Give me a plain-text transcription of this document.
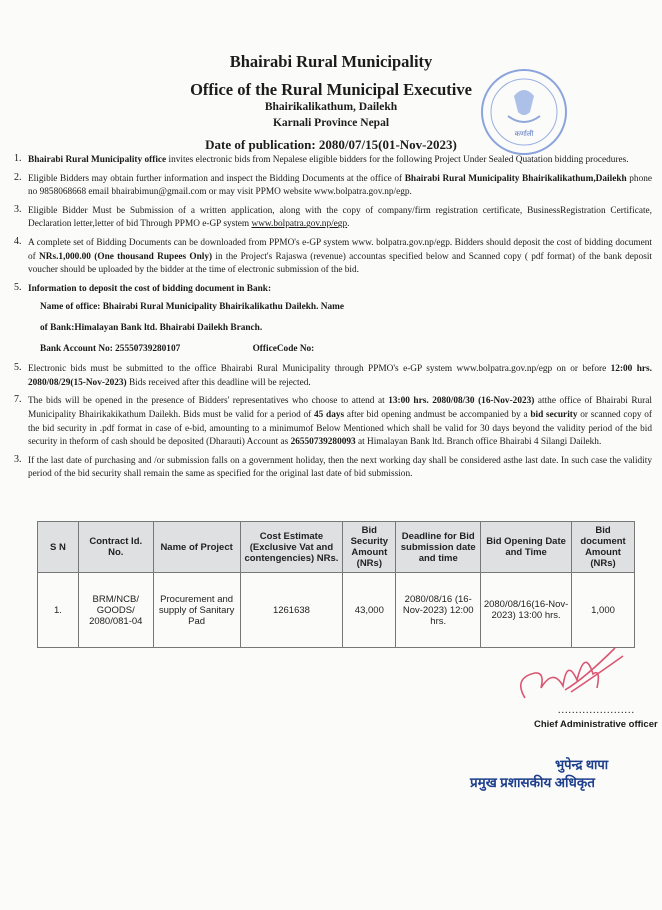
Bhairabi Rural Municipality
Office of the Rural Municipal Executive
Bhairikalikathum, Dailekh
Karnali Province Nepal
Date of publication: 2080/07/15(01-Nov-2023)
कर्णाली
1. Bhairabi Rural Municipality office invites electronic bids from Nepalese eligible bidders for the following Project Under Sealed Quatation bidding procedures.
2. Eligible Bidders may obtain further information and inspect the Bidding Documents at the office of Bhairabi Rural Municipality Bhairikalikathum,Dailekh phone no 9858068668 email bhairabimun@gmail.com or may visit PPMO website www.bolpatra.gov.np/egp.
3. Eligible Bidder Must be Submission of a written application, along with the copy of company/firm registration certificate, BusinessRegistration Certificate, Declaration letter,letter of bid Through PPMO e-GP system www.bolpatra.gov.np/egp.
4. A complete set of Bidding Documents can be downloaded from PPMO's e-GP system www. bolpatra.gov.np/egp. Bidders should deposit the cost of bidding document of NRs.1,000.00 (One thousand Rupees Only) in the Project's Rajaswa (revenue) accountas specified below and Scanned copy ( pdf format) of the bank deposit voucher should be uploaded by the bidder at the time of electronic submission of the bid.
5. Information to deposit the cost of bidding document in Bank:
Name of office: Bhairabi Rural Municipality Bhairikalikathu Dailekh. Name
of Bank:Himalayan Bank ltd. Bhairabi Dailekh Branch.
Bank Account No: 25550739280107	OfficeCode No:
5. Electronic bids must be submitted to the office Bhairabi Rural Municipality through PPMO's e-GP system www.bolpatra.gov.np/egp on or before 12:00 hrs. 2080/08/29(15-Nov-2023) Bids received after this deadline will be rejected.
7. The bids will be opened in the presence of Bidders' representatives who choose to attend at 13:00 hrs. 2080/08/30 (16-Nov-2023) atthe office of Bhairabi Rural Municipality Bhairikakikathum Dailekh. Bids must be valid for a period of 45 days after bid opening andmust be accompanied by a bid security or scanned copy of the bid security in .pdf format in case of e-bid, amounting to a minimumof Below Mentioned which shall be valid for 30 days beyond the validity period of the bid security in theform of cash should be deposited (Dharauti) Account as 26550739280093 at Himalayan Bank ltd. Branch office Bhairabi 4 Silangi Dailekh.
3. If the last date of purchasing and /or submission falls on a government holiday, then the next working day shall be considered asthe last date. In such case the validity period of the bid security shall remain the same as specified for the original last date of bid submission.
S N	Contract Id. No.	Name of Project	Cost Estimate (Exclusive Vat and contengencies) NRs.	Bid Security Amount (NRs)	Deadline for Bid submission date and time	Bid Opening Date and Time	Bid document Amount (NRs)
1.	BRM/NCB/ GOODS/ 2080/081-04	Procurement and supply of Sanitary Pad	1261638	43,000	2080/08/16 (16-Nov-2023) 12:00 hrs.	2080/08/16(16-Nov-2023) 13:00 hrs.	1,000
......................
Chief Administrative officer
भुपेन्द्र थापा
प्रमुख प्रशासकीय अधिकृत
